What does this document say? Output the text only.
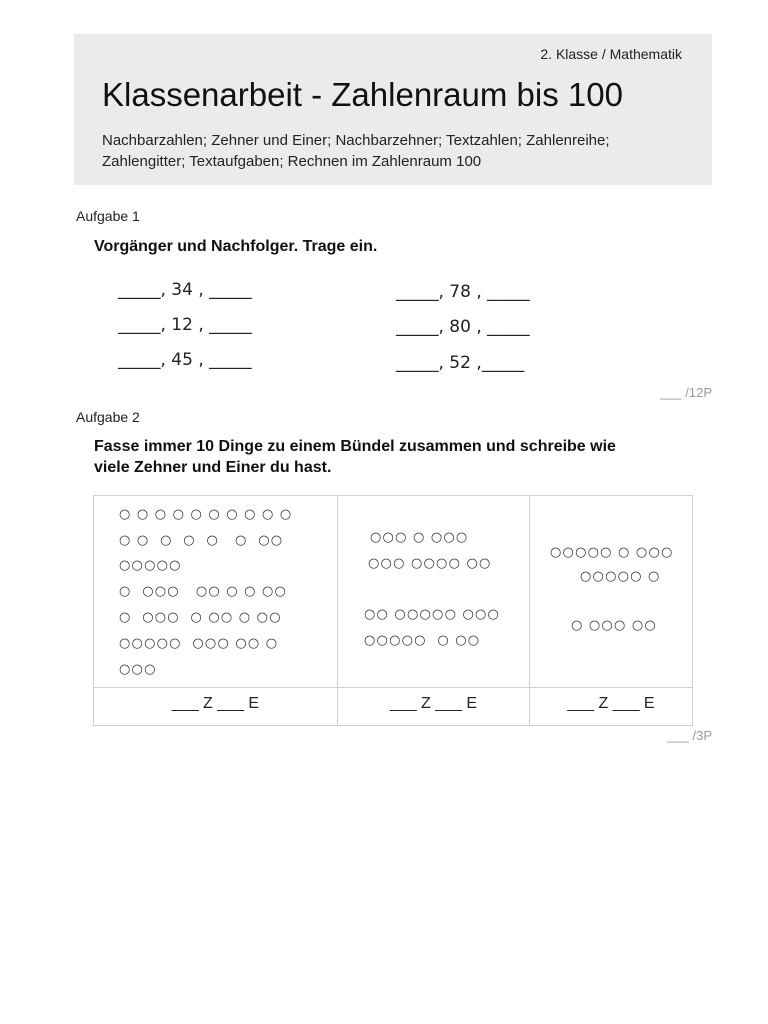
2. Klasse / Mathematik
Klassenarbeit - Zahlenraum bis 100
Nachbarzahlen; Zehner und Einer; Nachbarzehner; Textzahlen; Zahlenreihe;
Zahlengitter; Textaufgaben; Rechnen im Zahlenraum 100
Aufgabe 1
Vorgänger und Nachfolger. Trage ein.
_____, 34 , _____
_____, 12 , _____
_____, 45 , _____
_____, 78 , _____
_____, 80 , _____
_____, 52 ,_____
___ /12P
Aufgabe 2
Fasse immer 10 Dinge zu einem Bündel zusammen und schreibe wie
viele Zehner und Einer du hast.
○ ○ ○ ○ ○ ○ ○ ○ ○ ○
○ ○  ○  ○  ○   ○  ○○
○○○○○
○  ○○○   ○○ ○ ○ ○○
○  ○○○  ○ ○○ ○ ○○
○○○○○  ○○○ ○○ ○
○○○
○○○ ○ ○○○
○○○ ○○○○ ○○
○○ ○○○○○ ○○○
○○○○○  ○ ○○
○○○○○ ○ ○○○
○○○○○ ○
○ ○○○ ○○
___ Z ___ E	___ Z ___ E	___ Z ___ E
___ /3P
